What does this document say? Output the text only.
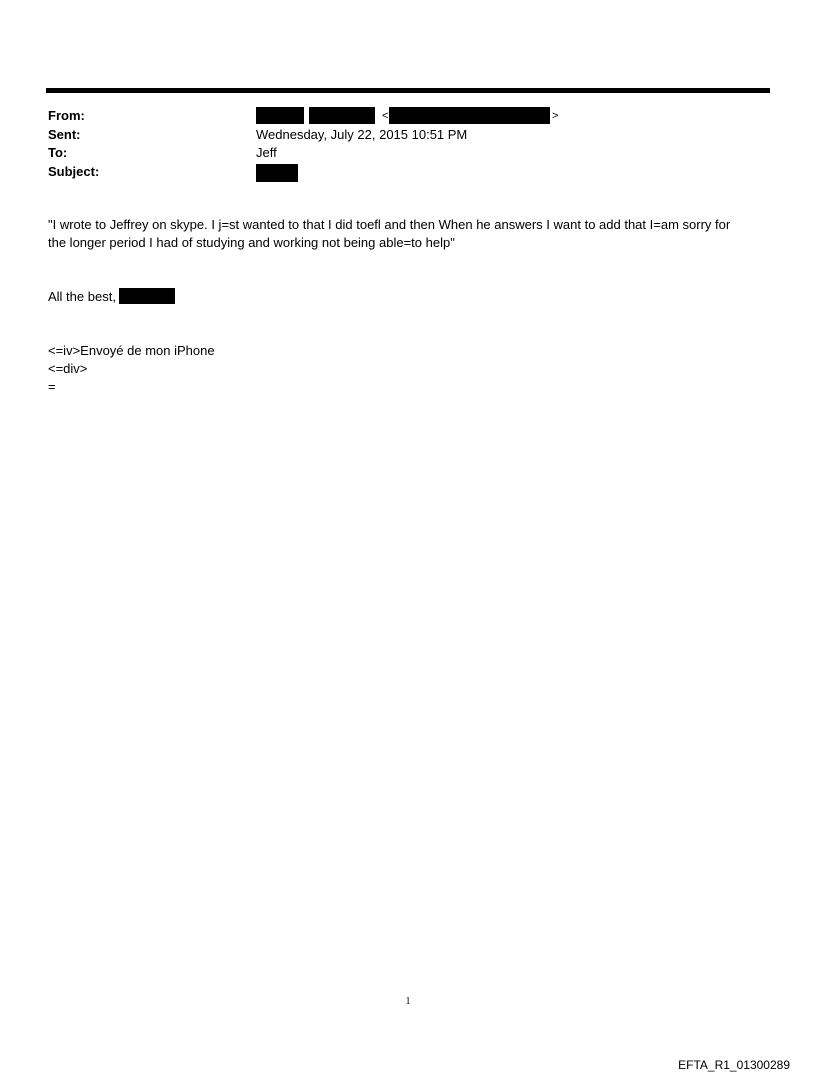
From:	<	>
Sent:	Wednesday, July 22, 2015 10:51 PM
To:	Jeff
Subject:
"I wrote to Jeffrey on skype. I j=st wanted to that I did toefl and then When he answers I want to add that I=am sorry for
the longer period I had of studying and working not being able=to help"
All the best,
<=iv>Envoyé de mon iPhone
<=div>
=
1
EFTA_R1_01300289
